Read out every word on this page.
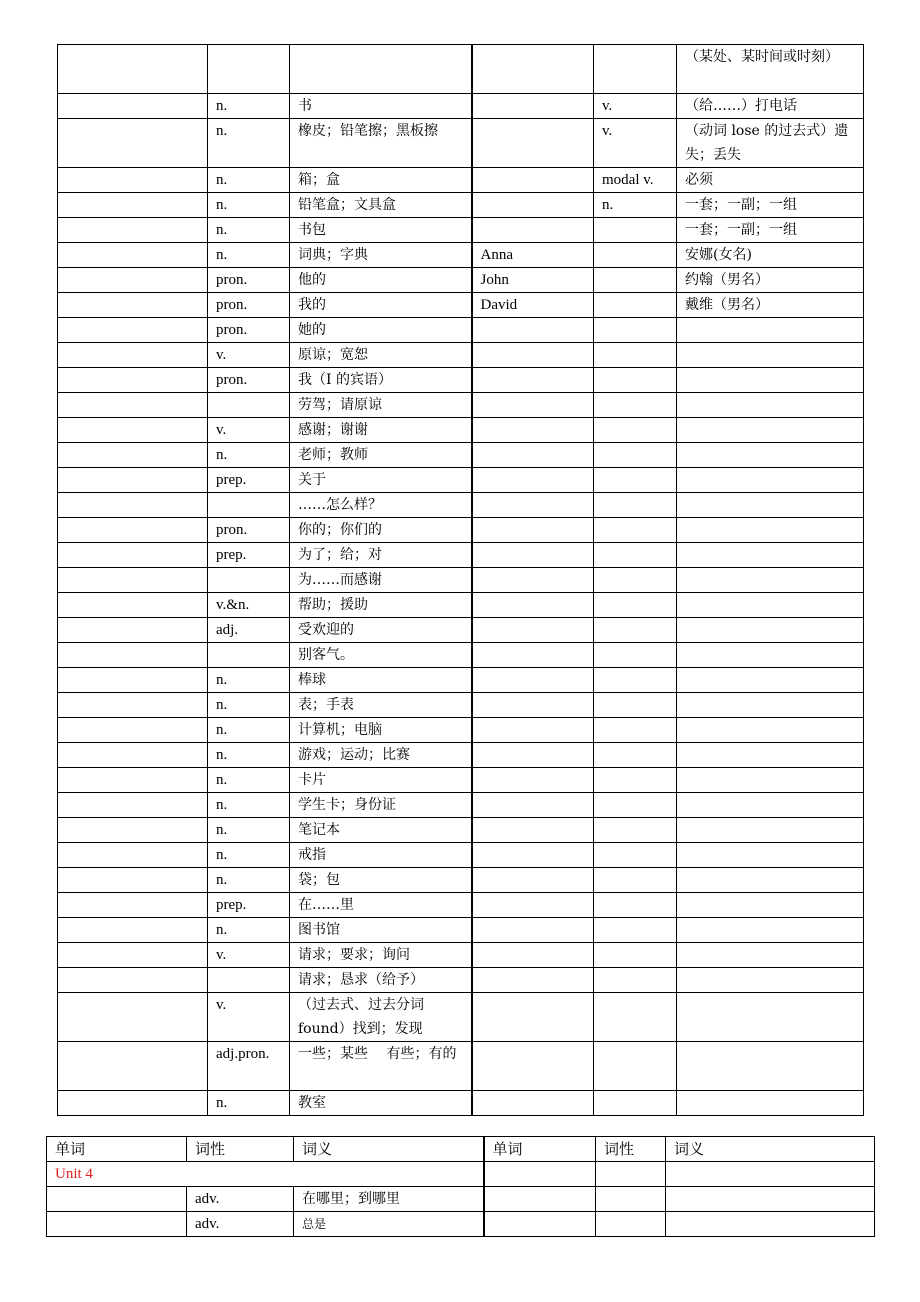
					（某处、某时间或时刻）
	n.	书		v.	（给……）打电话
	n.	橡皮；铅笔擦；黑板擦		v.	（动词 lose 的过去式）遗失；丢失
	n.	箱；盒		modal v.	必须
	n.	铅笔盒；文具盒		n.	一套；一副；一组
	n.	书包			一套；一副；一组
	n.	词典；字典	Anna		安娜(女名)
	pron.	他的	John		约翰（男名）
	pron.	我的	David		戴维（男名）
	pron.	她的			
	v.	原谅；宽恕			
	pron.	我（I 的宾语）			
		劳驾；请原谅			
	v.	感谢；谢谢			
	n.	老师；教师			
	prep.	关于			
		……怎么样？			
	pron.	你的；你们的			
	prep.	为了；给；对			
		为……而感谢			
	v.&n.	帮助；援助			
	adj.	受欢迎的			
		别客气。			
	n.	棒球			
	n.	表；手表			
	n.	计算机；电脑			
	n.	游戏；运动；比赛			
	n.	卡片			
	n.	学生卡；身份证			
	n.	笔记本			
	n.	戒指			
	n.	袋；包			
	prep.	在……里			
	n.	图书馆			
	v.	请求；要求；询问			
		请求；恳求（给予）			
	v.	（过去式、过去分词 found）找到；发现			
	adj.pron.	一些；某些　 有些；有的			
	n.	教室			
单词	词性	词义	单词	词性	词义
Unit 4					
	adv.	在哪里；到哪里			
	adv.	总是			
